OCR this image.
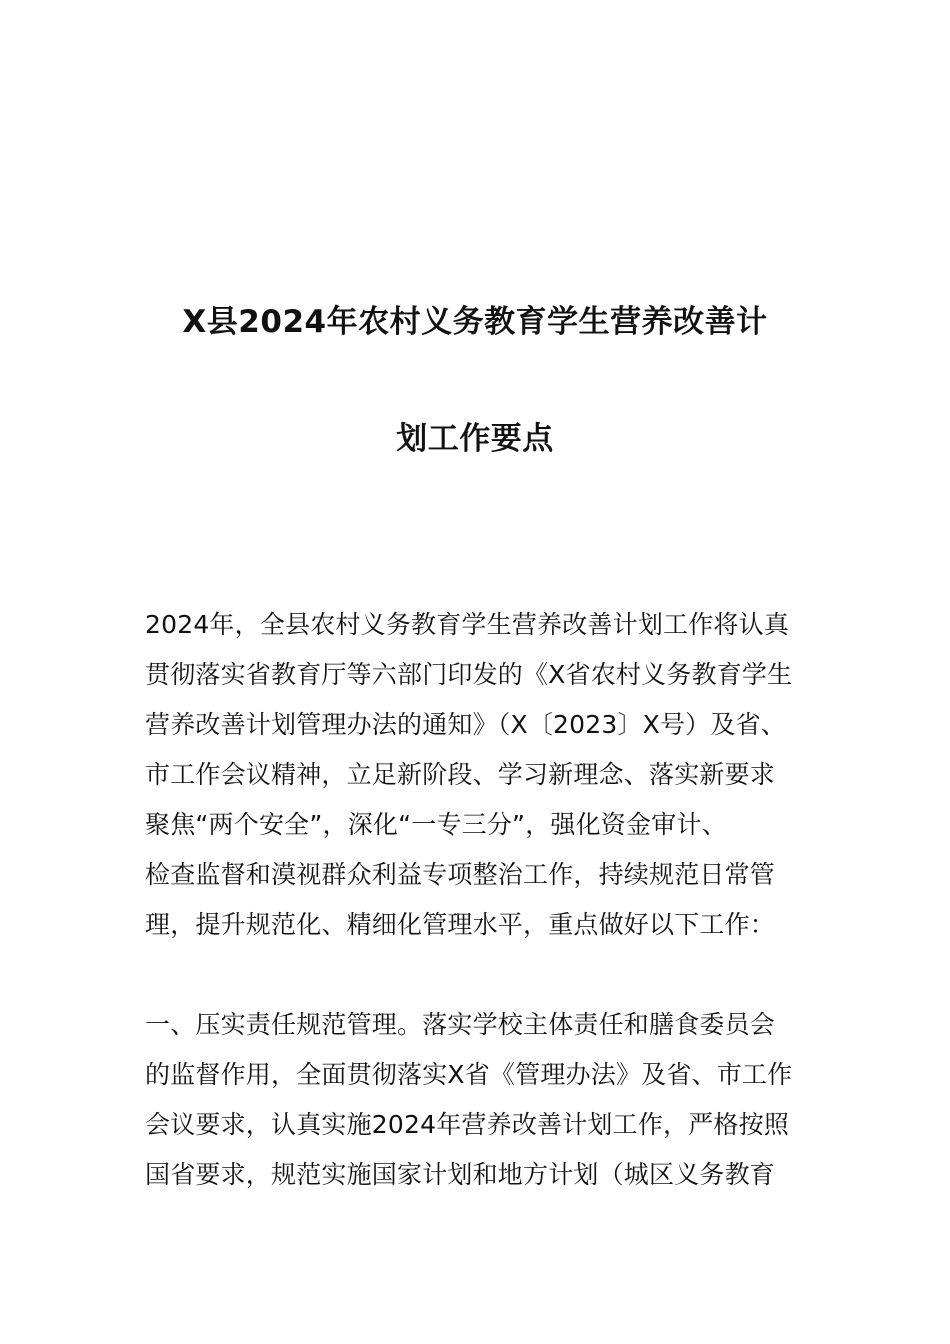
X县2024年农村义务教育学生营养改善计
划工作要点
2024年，全县农村义务教育学生营养改善计划工作将认真
贯彻落实省教育厅等六部门印发的《X省农村义务教育学生
营养改善计划管理办法的通知》（X〔2023〕X号）及省、
市工作会议精神，立足新阶段、学习新理念、落实新要求
聚焦“两个安全”，深化“一专三分”，强化资金审计、
检查监督和漠视群众利益专项整治工作，持续规范日常管
理，提升规范化、精细化管理水平，重点做好以下工作：
一、压实责任规范管理。落实学校主体责任和膳食委员会
的监督作用，全面贯彻落实X省《管理办法》及省、市工作
会议要求，认真实施2024年营养改善计划工作，严格按照
国省要求，规范实施国家计划和地方计划（城区义务教育
